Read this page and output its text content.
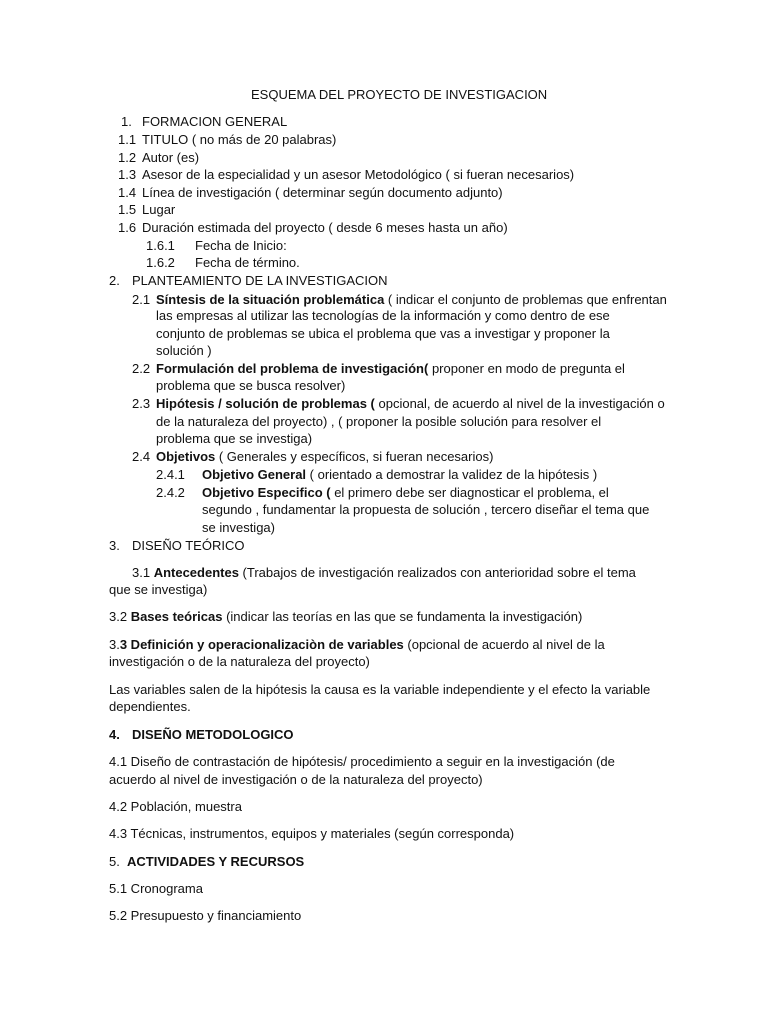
ESQUEMA DEL PROYECTO DE INVESTIGACION
1. FORMACION GENERAL
1.1 TITULO ( no más de 20 palabras)
1.2 Autor (es)
1.3 Asesor de la especialidad y un asesor Metodológico ( si fueran necesarios)
1.4 Línea de investigación ( determinar según documento adjunto)
1.5 Lugar
1.6 Duración estimada del proyecto ( desde 6 meses hasta un año)
1.6.1 Fecha de Inicio:
1.6.2 Fecha de término.
2. PLANTEAMIENTO DE LA INVESTIGACION
2.1 Síntesis de la situación problemática ( indicar el conjunto de problemas que enfrentan
las empresas al utilizar las tecnologías de la información y como dentro de ese
conjunto de problemas se ubica el problema que vas a investigar y proponer la
solución )
2.2 Formulación del problema de investigación( proponer en modo de pregunta el
problema que se busca resolver)
2.3 Hipótesis / solución de problemas ( opcional, de acuerdo al nivel de la investigación o
de la naturaleza del proyecto) , ( proponer la posible solución para resolver el
problema que se investiga)
2.4 Objetivos ( Generales y específicos, si fueran necesarios)
2.4.1 Objetivo General ( orientado a demostrar la validez de la hipótesis )
2.4.2 Objetivo Especifico ( el primero debe ser diagnosticar el problema, el
segundo , fundamentar la propuesta de solución , tercero diseñar el tema que
se investiga)
3. DISEÑO TEÓRICO
3.1 Antecedentes (Trabajos de investigación realizados con anterioridad sobre el tema
que se investiga)
3.2 Bases teóricas (indicar las teorías en las que se fundamenta la investigación)
3.3 Definición y operacionalizaciòn de variables (opcional de acuerdo al nivel de la
investigación o de la naturaleza del proyecto)
Las variables salen de la hipótesis la causa es la variable independiente y el efecto la variable
dependientes.
4. DISEÑO METODOLOGICO
4.1 Diseño de contrastación de hipótesis/ procedimiento a seguir en la investigación (de
acuerdo al nivel de investigación o de la naturaleza del proyecto)
4.2 Población, muestra
4.3 Técnicas, instrumentos, equipos y materiales (según corresponda)
5. ACTIVIDADES Y RECURSOS
5.1 Cronograma
5.2 Presupuesto y financiamiento
